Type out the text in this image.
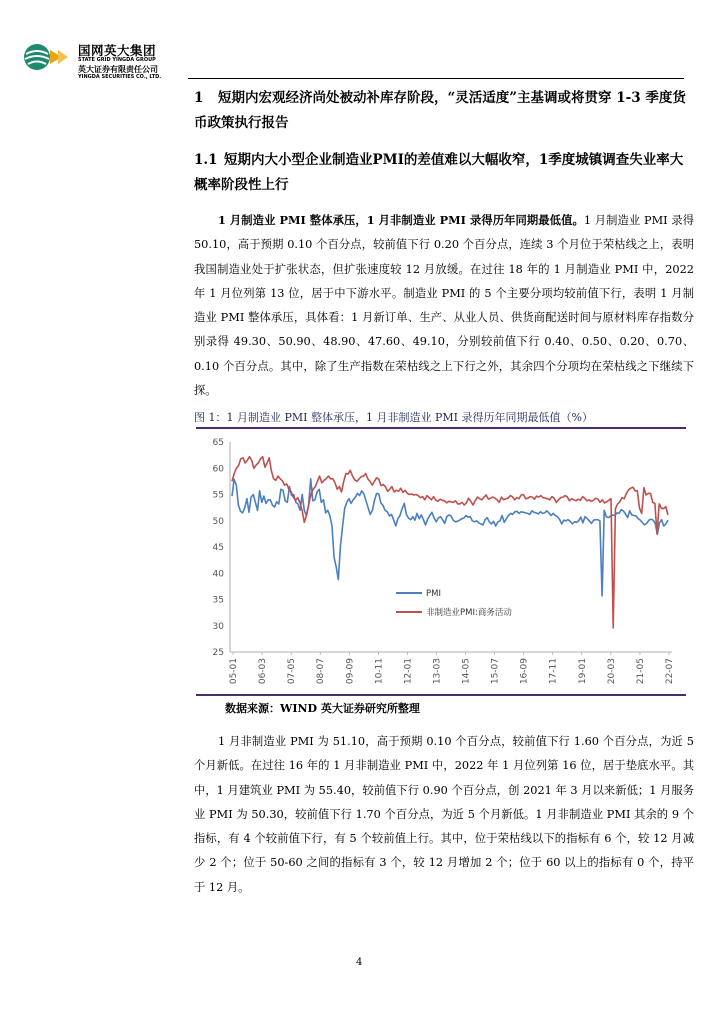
国网英大集团
STATE GRID YINGDA GROUP
英大证券有限责任公司
YINGDA SECURITIES CO., LTD.
1 短期内宏观经济尚处被动补库存阶段，“灵活适度”主基调或将贯穿 1-3 季度货币政策执行报告
1.1 短期内大小型企业制造业PMI的差值难以大幅收窄，1季度城镇调查失业率大概率阶段性上行
1 月制造业 PMI 整体承压，1 月非制造业 PMI 录得历年同期最低值。1 月制造业 PMI 录得 50.10，高于预期 0.10 个百分点，较前值下行 0.20 个百分点，连续 3 个月位于荣枯线之上，表明我国制造业处于扩张状态，但扩张速度较 12 月放缓。在过往 18 年的 1 月制造业 PMI 中，2022 年 1 月位列第 13 位，居于中下游水平。制造业 PMI 的 5 个主要分项均较前值下行，表明 1 月制造业 PMI 整体承压，具体看：1 月新订单、生产、从业人员、供货商配送时间与原材料库存指数分别录得 49.30、50.90、48.90、47.60、49.10，分别较前值下行 0.40、0.50、0.20、0.70、0.10 个百分点。其中，除了生产指数在荣枯线之上下行之外，其余四个分项均在荣枯线之下继续下探。
图 1：1 月制造业 PMI 整体承压，1 月非制造业 PMI 录得历年同期最低值（%）
65
60
55
50
45
40
35
30
25
05-01 06-03 07-05 08-07 09-09 10-11 12-01 13-03 14-05 15-07 16-09 17-11 19-01 20-03 21-05 22-07
PMI
非制造业PMI:商务活动
数据来源：WIND 英大证券研究所整理
1 月非制造业 PMI 为 51.10，高于预期 0.10 个百分点，较前值下行 1.60 个百分点，为近 5 个月新低。在过往 16 年的 1 月非制造业 PMI 中，2022 年 1 月位列第 16 位，居于垫底水平。其中，1 月建筑业 PMI 为 55.40，较前值下行 0.90 个百分点，创 2021 年 3 月以来新低；1 月服务业 PMI 为 50.30，较前值下行 1.70 个百分点，为近 5 个月新低。1 月非制造业 PMI 其余的 9 个指标，有 4 个较前值下行，有 5 个较前值上行。其中，位于荣枯线以下的指标有 6 个，较 12 月减少 2 个；位于 50-60 之间的指标有 3 个，较 12 月增加 2 个；位于 60 以上的指标有 0 个，持平于 12 月。
4
